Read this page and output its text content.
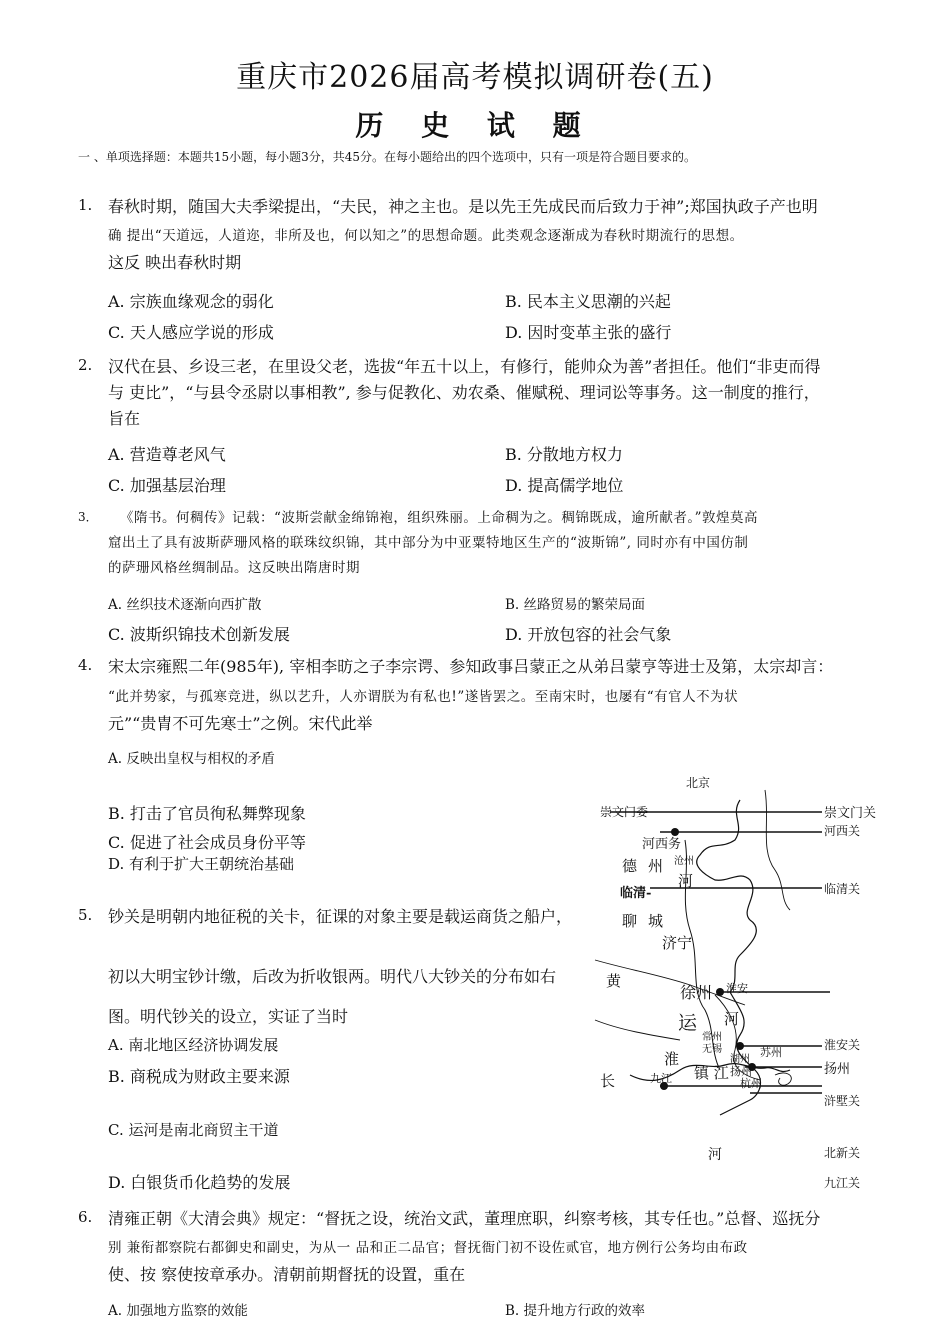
重庆市2026届高考模拟调研卷(五)
历 史 试 题
一 、单项选择题：本题共15小题，每小题3分，共45分。在每小题给出的四个选项中，只有一项是符合题目要求的。
1. 春秋时期，随国大夫季梁提出，“夫民，神之主也。是以先王先成民而后致力于神”;郑国执政子产也明
确 提出“天道远，人道迩，非所及也，何以知之”的思想命题。此类观念逐渐成为春秋时期流行的思想。
这反 映出春秋时期
A. 宗族血缘观念的弱化	B. 民本主义思潮的兴起
C. 天人感应学说的形成	D. 因时变革主张的盛行
2. 汉代在县、乡设三老，在里设父老，选拔“年五十以上，有修行，能帅众为善”者担任。他们“非吏而得
与 吏比”，“与县令丞尉以事相教”, 参与促教化、劝农桑、催赋税、理词讼等事务。这一制度的推行，
旨在
A. 营造尊老风气	B. 分散地方权力
C. 加强基层治理	D. 提高儒学地位
3． 《隋书。何稠传》记载：“波斯尝献金绵锦袍，组织殊丽。上命稠为之。稠锦既成，逾所献者。”敦煌莫高
窟出土了具有波斯萨珊风格的联珠纹织锦，其中部分为中亚粟特地区生产的“波斯锦”, 同时亦有中国仿制
的萨珊风格丝绸制品。这反映出隋唐时期
A. 丝织技术逐渐向西扩散	B. 丝路贸易的繁荣局面
C. 波斯织锦技术创新发展	D. 开放包容的社会气象
4. 宋太宗雍熙二年(985年), 宰相李昉之子李宗谔、参知政事吕蒙正之从弟吕蒙亨等进士及第，太宗却言：
“此并势家，与孤寒竞进，纵以艺升，人亦谓朕为有私也!”遂皆罢之。至南宋时，也屡有“有官人不为状
元”“贵胄不可先寒士”之例。宋代此举
A. 反映出皇权与相权的矛盾
B. 打击了官员徇私舞弊现象
C. 促进了社会成员身份平等
D. 有利于扩大王朝统治基础
5. 钞关是明朝内地征税的关卡，征课的对象主要是载运商货之船户，
初以大明宝钞计缴，后改为折收银两。明代八大钞关的分布如右
图。明代钞关的设立，实证了当时
A. 南北地区经济协调发展
B. 商税成为财政主要来源
C. 运河是南北商贸主干道
D. 白银货币化趋势的发展
6. 清雍正朝《大清会典》规定：“督抚之设，统治文武，董理庶职，纠察考核，其专任也。”总督、巡抚分
别 兼衔都察院右都御史和副史，为从一 品和正二品官；督抚衙门初不设佐贰官，地方例行公务均由布政
使、按 察使按章承办。清朝前期督抚的设置，重在
A. 加强地方监察的效能	B. 提升地方行政的效率
北京
崇文门委
河西务
沧州
德 州
河
临清-
聊 城
济宁
黄
徐州 淮安
运 河
常州
无锡	苏州
淮	湖州
扬州
长	九江 镇 江
杭州
河
崇文门关
河西关
临清关
淮安关
扬州
浒墅关
北新关
九江关
